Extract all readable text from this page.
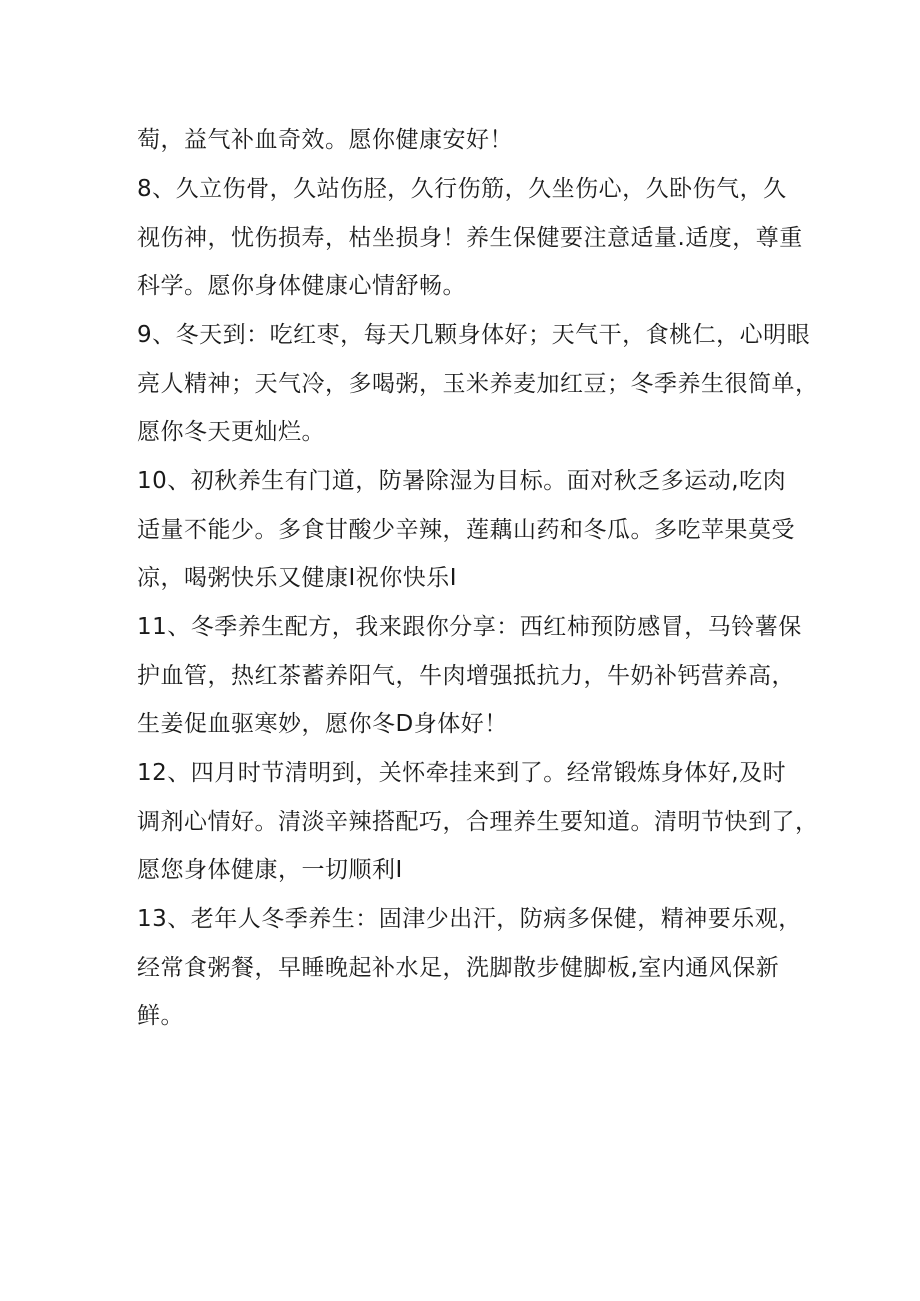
萄，益气补血奇效。愿你健康安好！
8、久立伤骨，久站伤胫，久行伤筋，久坐伤心，久卧伤气，久
视伤神，忧伤损寿，枯坐损身！养生保健要注意适量.适度，尊重
科学。愿你身体健康心情舒畅。
9、冬天到：吃红枣，每天几颗身体好；天气干，食桃仁，心明眼
亮人精神；天气冷，多喝粥，玉米养麦加红豆；冬季养生很简单，
愿你冬天更灿烂。
10、初秋养生有门道，防暑除湿为目标。面对秋乏多运动,吃肉
适量不能少。多食甘酸少辛辣，莲藕山药和冬瓜。多吃苹果莫受
凉，喝粥快乐又健康I祝你快乐I
11、冬季养生配方，我来跟你分享：西红柿预防感冒，马铃薯保
护血管，热红茶蓄养阳气，牛肉增强抵抗力，牛奶补钙营养高，
生姜促血驱寒妙，愿你冬D身体好！
12、四月时节清明到，关怀牵挂来到了。经常锻炼身体好,及时
调剂心情好。清淡辛辣搭配巧，合理养生要知道。清明节快到了，
愿您身体健康，一切顺利I
13、老年人冬季养生：固津少出汗，防病多保健，精神要乐观，
经常食粥餐，早睡晚起补水足，洗脚散步健脚板,室内通风保新
鲜。
